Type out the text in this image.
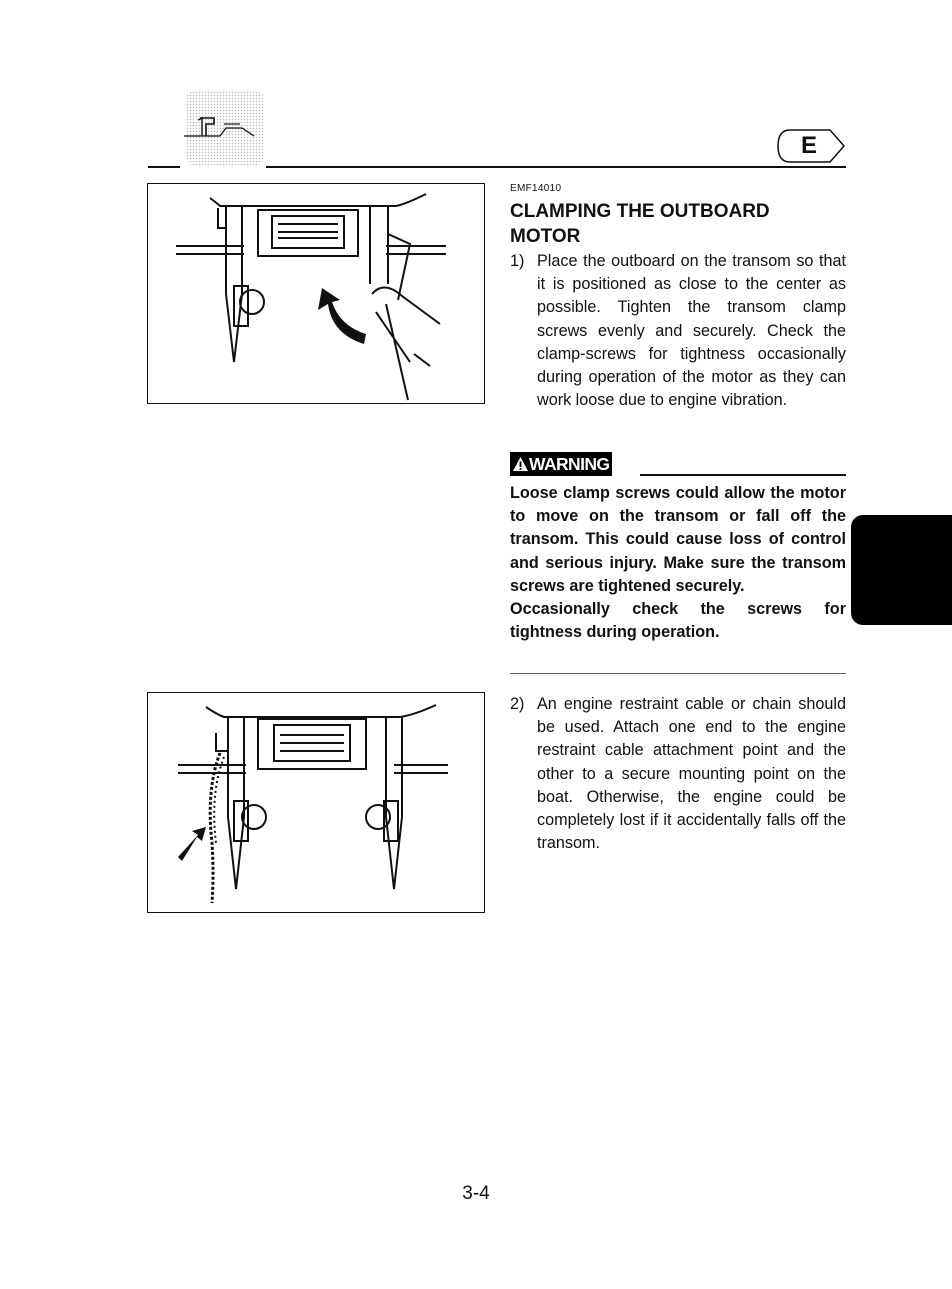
E
EMF14010
CLAMPING THE OUTBOARD MOTOR
1) Place the outboard on the transom so that it is positioned as close to the center as possible. Tighten the transom clamp screws evenly and securely. Check the clamp-screws for tightness occasionally during operation of the motor as they can work loose due to engine vibration.
WARNING

Loose clamp screws could allow the motor to move on the transom or fall off the transom. This could cause loss of control and serious injury. Make sure the transom screws are tightened securely.

Occasionally check the screws for tightness during operation.

2) An engine restraint cable or chain should be used. Attach one end to the engine restraint cable attachment point and the other to a secure mounting point on the boat. Otherwise, the engine could be completely lost if it accidentally falls off the transom.
3-4
